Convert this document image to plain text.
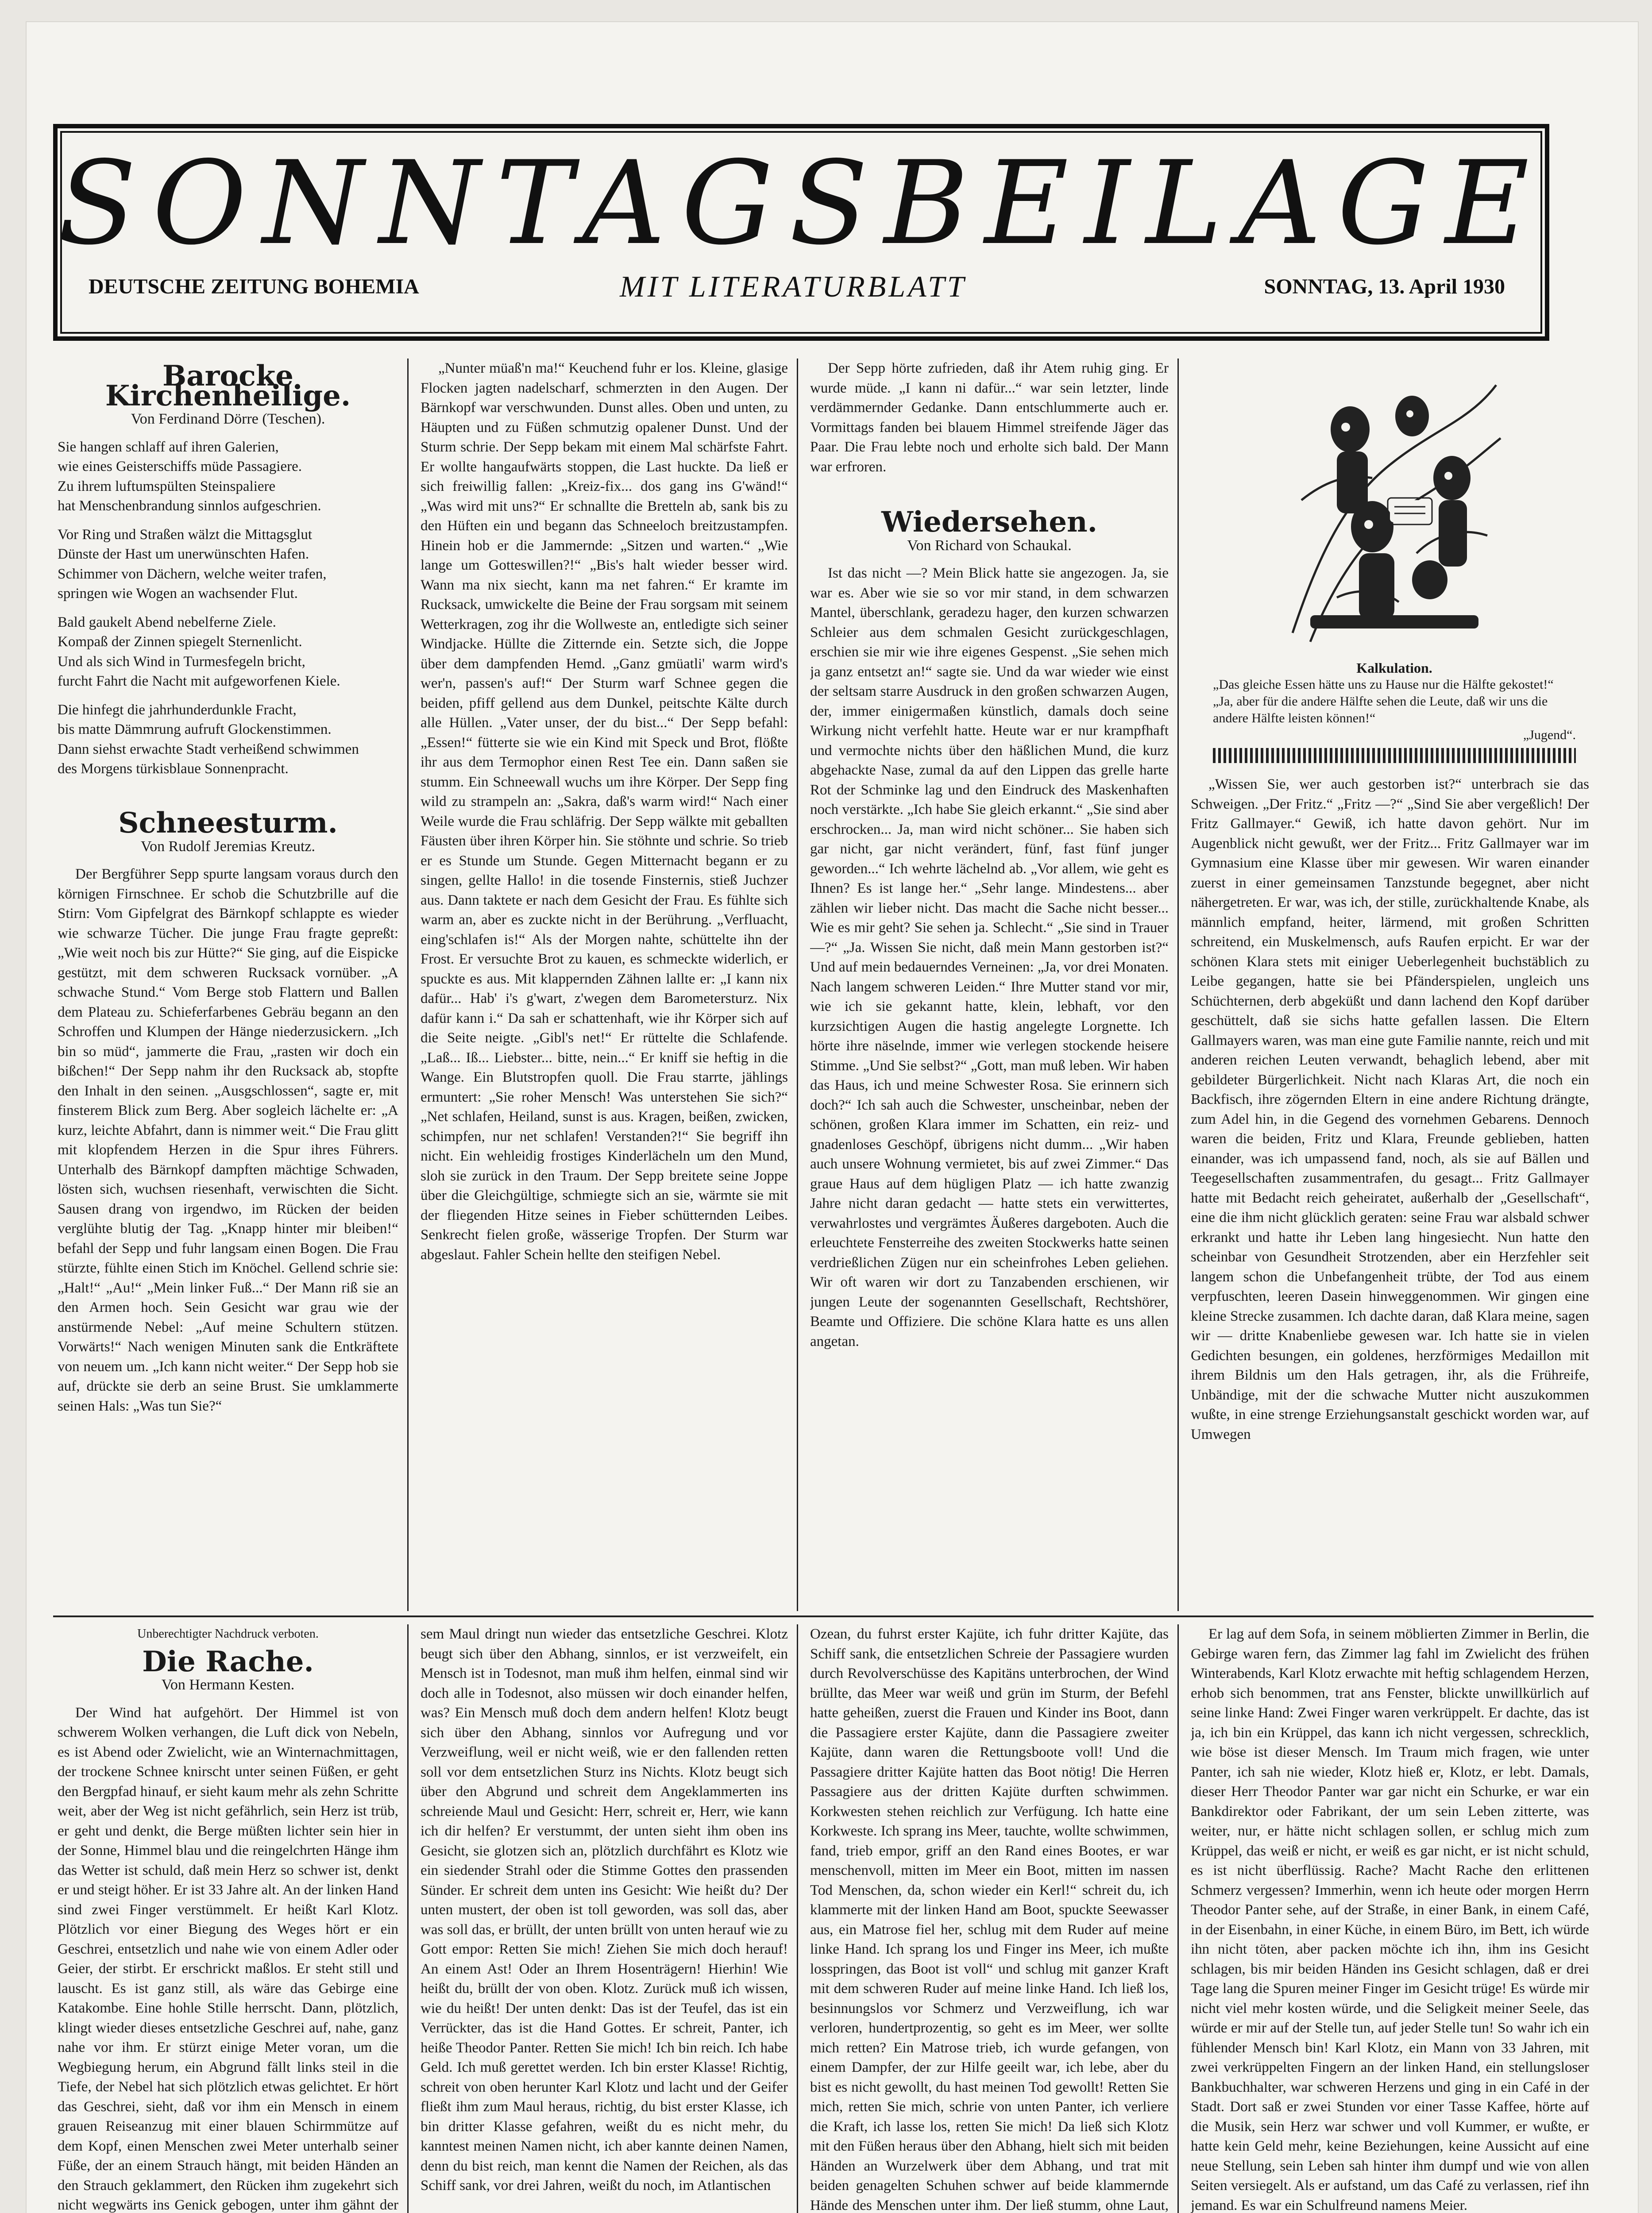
SONNTAGSBEILAGE
DEUTSCHE ZEITUNG BOHEMIA	MIT LITERATURBLATT	SONNTAG, 13. April 1930
Barocke Kirchenheilige.

Von Ferdinand Dörre (Teschen).

Sie hangen schlaff auf ihren Galerien,

wie eines Geisterschiffs müde Passagiere.

Zu ihrem luftumspülten Steinspaliere

hat Menschenbrandung sinnlos aufgeschrien.

Vor Ring und Straßen wälzt die Mittagsglut

Dünste der Hast um unerwünschten Hafen.

Schimmer von Dächern, welche weiter trafen,

springen wie Wogen an wachsender Flut.

Bald gaukelt Abend nebelferne Ziele.

Kompaß der Zinnen spiegelt Sternenlicht.

Und als sich Wind in Turmesfegeln bricht,

furcht Fahrt die Nacht mit aufgeworfenen Kiele.

Die hinfegt die jahrhunderdunkle Fracht,

bis matte Dämmrung aufruft Glockenstimmen.

Dann siehst erwachte Stadt verheißend schwimmen

des Morgens türkisblaue Sonnenpracht.

Schneesturm.

Von Rudolf Jeremias Kreutz.

Der Bergführer Sepp spurte langsam voraus durch den körnigen Firnschnee. Er schob die Schutzbrille auf die Stirn: Vom Gipfelgrat des Bärnkopf schlappte es wieder wie schwarze Tücher. Die junge Frau fragte gepreßt: „Wie weit noch bis zur Hütte?“ Sie ging, auf die Eispicke gestützt, mit dem schweren Rucksack vornüber. „A schwache Stund.“ Vom Berge stob Flattern und Ballen dem Plateau zu. Schieferfarbenes Gebräu begann an den Schroffen und Klumpen der Hänge niederzusickern. „Ich bin so müd“, jammerte die Frau, „rasten wir doch ein bißchen!“ Der Sepp nahm ihr den Rucksack ab, stopfte den Inhalt in den seinen. „Ausgschlossen“, sagte er, mit finsterem Blick zum Berg. Aber sogleich lächelte er: „A kurz, leichte Abfahrt, dann is nimmer weit.“ Die Frau glitt mit klopfendem Herzen in die Spur ihres Führers. Unterhalb des Bärnkopf dampften mächtige Schwaden, lösten sich, wuchsen riesenhaft, verwischten die Sicht. Sausen drang von irgendwo, im Rücken der beiden verglühte blutig der Tag. „Knapp hinter mir bleiben!“ befahl der Sepp und fuhr langsam einen Bogen. Die Frau stürzte, fühlte einen Stich im Knöchel. Gellend schrie sie: „Halt!“ „Au!“ „Mein linker Fuß...“ Der Mann riß sie an den Armen hoch. Sein Gesicht war grau wie der anstürmende Nebel: „Auf meine Schultern stützen. Vorwärts!“ Nach wenigen Minuten sank die Entkräftete von neuem um. „Ich kann nicht weiter.“ Der Sepp hob sie auf, drückte sie derb an seine Brust. Sie umklammerte seinen Hals: „Was tun Sie?“

„Nunter müaß'n ma!“ Keuchend fuhr er los. Kleine, glasige Flocken jagten nadelscharf, schmerzten in den Augen. Der Bärnkopf war verschwunden. Dunst alles. Oben und unten, zu Häupten und zu Füßen schmutzig opalener Dunst. Und der Sturm schrie. Der Sepp bekam mit einem Mal schärfste Fahrt. Er wollte hangaufwärts stoppen, die Last huckte. Da ließ er sich freiwillig fallen: „Kreiz-fix... dos gang ins G'wänd!“ „Was wird mit uns?“ Er schnallte die Bretteln ab, sank bis zu den Hüften ein und begann das Schneeloch breitzustampfen. Hinein hob er die Jammernde: „Sitzen und warten.“ „Wie lange um Gotteswillen?!“ „Bis's halt wieder besser wird. Wann ma nix siecht, kann ma net fahren.“ Er kramte im Rucksack, umwickelte die Beine der Frau sorgsam mit seinem Wetterkragen, zog ihr die Wollweste an, entledigte sich seiner Windjacke. Hüllte die Zitternde ein. Setzte sich, die Joppe über dem dampfenden Hemd. „Ganz gmüatli' warm wird's wer'n, passen's auf!“ Der Sturm warf Schnee gegen die beiden, pfiff gellend aus dem Dunkel, peitschte Kälte durch alle Hüllen. „Vater unser, der du bist...“ Der Sepp befahl: „Essen!“ fütterte sie wie ein Kind mit Speck und Brot, flößte ihr aus dem Termophor einen Rest Tee ein. Dann saßen sie stumm. Ein Schneewall wuchs um ihre Körper. Der Sepp fing wild zu strampeln an: „Sakra, daß's warm wird!“ Nach einer Weile wurde die Frau schläfrig. Der Sepp wälkte mit geballten Fäusten über ihren Körper hin. Sie stöhnte und schrie. So trieb er es Stunde um Stunde. Gegen Mitternacht begann er zu singen, gellte Hallo! in die tosende Finsternis, stieß Juchzer aus. Dann taktete er nach dem Gesicht der Frau. Es fühlte sich warm an, aber es zuckte nicht in der Berührung. „Verfluacht, eing'schlafen is!“ Als der Morgen nahte, schüttelte ihn der Frost. Er versuchte Brot zu kauen, es schmeckte widerlich, er spuckte es aus. Mit klappernden Zähnen lallte er: „I kann nix dafür... Hab' i's g'wart, z'wegen dem Barometersturz. Nix dafür kann i.“ Da sah er schattenhaft, wie ihr Körper sich auf die Seite neigte. „Gibl's net!“ Er rüttelte die Schlafende. „Laß... Iß... Liebster... bitte, nein...“ Er kniff sie heftig in die Wange. Ein Blutstropfen quoll. Die Frau starrte, jählings ermuntert: „Sie roher Mensch! Was unterstehen Sie sich?“ „Net schlafen, Heiland, sunst is aus. Kragen, beißen, zwicken, schimpfen, nur net schlafen! Verstanden?!“ Sie begriff ihn nicht. Ein wehleidig frostiges Kinderlächeln um den Mund, sloh sie zurück in den Traum. Der Sepp breitete seine Joppe über die Gleichgültige, schmiegte sich an sie, wärmte sie mit der fliegenden Hitze seines in Fieber schütternden Leibes. Senkrecht fielen große, wässerige Tropfen. Der Sturm war abgeslaut. Fahler Schein hellte den steifigen Nebel.

Der Sepp hörte zufrieden, daß ihr Atem ruhig ging. Er wurde müde. „I kann ni dafür...“ war sein letzter, linde verdämmernder Gedanke. Dann entschlummerte auch er. Vormittags fanden bei blauem Himmel streifende Jäger das Paar. Die Frau lebte noch und erholte sich bald. Der Mann war erfroren.

Wiedersehen.

Von Richard von Schaukal.

Ist das nicht —? Mein Blick hatte sie angezogen. Ja, sie war es. Aber wie sie so vor mir stand, in dem schwarzen Mantel, überschlank, geradezu hager, den kurzen schwarzen Schleier aus dem schmalen Gesicht zurückgeschlagen, erschien sie mir wie ihre eigenes Gespenst. „Sie sehen mich ja ganz entsetzt an!“ sagte sie. Und da war wieder wie einst der seltsam starre Ausdruck in den großen schwarzen Augen, der, immer einigermaßen künstlich, damals doch seine Wirkung nicht verfehlt hatte. Heute war er nur krampfhaft und vermochte nichts über den häßlichen Mund, die kurz abgehackte Nase, zumal da auf den Lippen das grelle harte Rot der Schminke lag und den Eindruck des Maskenhaften noch verstärkte. „Ich habe Sie gleich erkannt.“ „Sie sind aber erschrocken... Ja, man wird nicht schöner... Sie haben sich gar nicht, gar nicht verändert, fünf, fast fünf junger geworden...“ Ich wehrte lächelnd ab. „Vor allem, wie geht es Ihnen? Es ist lange her.“ „Sehr lange. Mindestens... aber zählen wir lieber nicht. Das macht die Sache nicht besser... Wie es mir geht? Sie sehen ja. Schlecht.“ „Sie sind in Trauer —?“ „Ja. Wissen Sie nicht, daß mein Mann gestorben ist?“ Und auf mein bedauerndes Verneinen: „Ja, vor drei Monaten. Nach langem schweren Leiden.“ Ihre Mutter stand vor mir, wie ich sie gekannt hatte, klein, lebhaft, vor den kurzsichtigen Augen die hastig angelegte Lorgnette. Ich hörte ihre näselnde, immer wie verlegen stockende heisere Stimme. „Und Sie selbst?“ „Gott, man muß leben. Wir haben das Haus, ich und meine Schwester Rosa. Sie erinnern sich doch?“ Ich sah auch die Schwester, unscheinbar, neben der schönen, großen Klara immer im Schatten, ein reiz- und gnadenloses Geschöpf, übrigens nicht dumm... „Wir haben auch unsere Wohnung vermietet, bis auf zwei Zimmer.“ Das graue Haus auf dem hügligen Platz — ich hatte zwanzig Jahre nicht daran gedacht — hatte stets ein verwittertes, verwahrlostes und vergrämtes Äußeres dargeboten. Auch die erleuchtete Fensterreihe des zweiten Stockwerks hatte seinen verdrießlichen Zügen nur ein scheinfrohes Leben geliehen. Wir oft waren wir dort zu Tanzabenden erschienen, wir jungen Leute der sogenannten Gesellschaft, Rechtshörer, Beamte und Offiziere. Die schöne Klara hatte es uns allen angetan.

Kalkulation.
„Das gleiche Essen hätte uns zu Hause nur die Hälfte gekostet!“ „Ja, aber für die andere Hälfte sehen die Leute, daß wir uns die andere Hälfte leisten können!“
„Jugend“.

„Wissen Sie, wer auch gestorben ist?“ unterbrach sie das Schweigen. „Der Fritz.“ „Fritz —?“ „Sind Sie aber vergeßlich! Der Fritz Gallmayer.“ Gewiß, ich hatte davon gehört. Nur im Augenblick nicht gewußt, wer der Fritz... Fritz Gallmayer war im Gymnasium eine Klasse über mir gewesen. Wir waren einander zuerst in einer gemeinsamen Tanzstunde begegnet, aber nicht nähergetreten. Er war, was ich, der stille, zurückhaltende Knabe, als männlich empfand, heiter, lärmend, mit großen Schritten schreitend, ein Muskelmensch, aufs Raufen erpicht. Er war der schönen Klara stets mit einiger Ueberlegenheit buchstäblich zu Leibe gegangen, hatte sie bei Pfänderspielen, ungleich uns Schüchternen, derb abgeküßt und dann lachend den Kopf darüber geschüttelt, daß sie sichs hatte gefallen lassen. Die Eltern Gallmayers waren, was man eine gute Familie nannte, reich und mit anderen reichen Leuten verwandt, behaglich lebend, aber mit gebildeter Bürgerlichkeit. Nicht nach Klaras Art, die noch ein Backfisch, ihre zögernden Eltern in eine andere Richtung drängte, zum Adel hin, in die Gegend des vornehmen Gebarens. Dennoch waren die beiden, Fritz und Klara, Freunde geblieben, hatten einander, was ich umpassend fand, noch, als sie auf Bällen und Teegesellschaften zusammentrafen, du gesagt... Fritz Gallmayer hatte mit Bedacht reich geheiratet, außerhalb der „Gesellschaft“, eine die ihm nicht glücklich geraten: seine Frau war alsbald schwer erkrankt und hatte ihr Leben lang hingesiecht. Nun hatte den scheinbar von Gesundheit Strotzenden, aber ein Herzfehler seit langem schon die Unbefangenheit trübte, der Tod aus einem verpfuschten, leeren Dasein hinweggenommen. Wir gingen eine kleine Strecke zusammen. Ich dachte daran, daß Klara meine, sagen wir — dritte Knabenliebe gewesen war. Ich hatte sie in vielen Gedichten besungen, ein goldenes, herzförmiges Medaillon mit ihrem Bildnis um den Hals getragen, ihr, als die Frühreife, Unbändige, mit der die schwache Mutter nicht auszukommen wußte, in eine strenge Erziehungsanstalt geschickt worden war, auf Umwegen

Unberechtigter Nachdruck verboten.

Die Rache.

Von Hermann Kesten.

Der Wind hat aufgehört. Der Himmel ist von schwerem Wolken verhangen, die Luft dick von Nebeln, es ist Abend oder Zwielicht, wie an Winternachmittagen, der trockene Schnee knirscht unter seinen Füßen, er geht den Bergpfad hinauf, er sieht kaum mehr als zehn Schritte weit, aber der Weg ist nicht gefährlich, sein Herz ist trüb, er geht und denkt, die Berge müßten lichter sein hier in der Sonne, Himmel blau und die reingelchrten Hänge ihm das Wetter ist schuld, daß mein Herz so schwer ist, denkt er und steigt höher. Er ist 33 Jahre alt. An der linken Hand sind zwei Finger verstümmelt. Er heißt Karl Klotz. Plötzlich vor einer Biegung des Weges hört er ein Geschrei, entsetzlich und nahe wie von einem Adler oder Geier, der stirbt. Er erschrickt maßlos. Er steht still und lauscht. Es ist ganz still, als wäre das Gebirge eine Katakombe. Eine hohle Stille herrscht. Dann, plötzlich, klingt wieder dieses entsetzliche Geschrei auf, nahe, ganz nahe vor ihm. Er stürzt einige Meter voran, um die Wegbiegung herum, ein Abgrund fällt links steil in die Tiefe, der Nebel hat sich plötzlich etwas gelichtet. Er hört das Geschrei, sieht, daß vor ihm ein Mensch in einem grauen Reiseanzug mit einer blauen Schirmmütze auf dem Kopf, einen Menschen zwei Meter unterhalb seiner Füße, der an einem Strauch hängt, mit beiden Händen an den Strauch geklammert, den Rücken ihm zugekehrt sich nicht wegwärts ins Genick gebogen, unter ihm gähnt der

sem Maul dringt nun wieder das entsetzliche Geschrei. Klotz beugt sich über den Abhang, sinnlos, er ist verzweifelt, ein Mensch ist in Todesnot, man muß ihm helfen, einmal sind wir doch alle in Todesnot, also müssen wir doch einander helfen, was? Ein Mensch muß doch dem andern helfen! Klotz beugt sich über den Abhang, sinnlos vor Aufregung und vor Verzweiflung, weil er nicht weiß, wie er den fallenden retten soll vor dem entsetzlichen Sturz ins Nichts. Klotz beugt sich über den Abgrund und schreit dem Angeklammerten ins schreiende Maul und Gesicht: Herr, schreit er, Herr, wie kann ich dir helfen? Er verstummt, der unten sieht ihm oben ins Gesicht, sie glotzen sich an, plötzlich durchfährt es Klotz wie ein siedender Strahl oder die Stimme Gottes den prassenden Sünder. Er schreit dem unten ins Gesicht: Wie heißt du? Der unten mustert, der oben ist toll geworden, was soll das, aber was soll das, er brüllt, der unten brüllt von unten herauf wie zu Gott empor: Retten Sie mich! Ziehen Sie mich doch herauf! An einem Ast! Oder an Ihrem Hosenträgern! Hierhin! Wie heißt du, brüllt der von oben. Klotz. Zurück muß ich wissen, wie du heißt! Der unten denkt: Das ist der Teufel, das ist ein Verrückter, das ist die Hand Gottes. Er schreit, Panter, ich heiße Theodor Panter. Retten Sie mich! Ich bin reich. Ich habe Geld. Ich muß gerettet werden. Ich bin erster Klasse! Richtig, schreit von oben herunter Karl Klotz und lacht und der Geifer fließt ihm zum Maul heraus, richtig, du bist erster Klasse, ich bin dritter Klasse gefahren, weißt du es nicht mehr, du kanntest meinen Namen nicht, ich aber kannte deinen Namen, denn du bist reich, man kennt die Namen der Reichen, als das Schiff sank, vor drei Jahren, weißt du noch, im Atlantischen

Ozean, du fuhrst erster Kajüte, ich fuhr dritter Kajüte, das Schiff sank, die entsetzlichen Schreie der Passagiere wurden durch Revolverschüsse des Kapitäns unterbrochen, der Wind brüllte, das Meer war weiß und grün im Sturm, der Befehl hatte geheißen, zuerst die Frauen und Kinder ins Boot, dann die Passagiere erster Kajüte, dann die Passagiere zweiter Kajüte, dann waren die Rettungsboote voll! Und die Passagiere dritter Kajüte hatten das Boot nötig! Die Herren Passagiere aus der dritten Kajüte durften schwimmen. Korkwesten stehen reichlich zur Verfügung. Ich hatte eine Korkweste. Ich sprang ins Meer, tauchte, wollte schwimmen, fand, trieb empor, griff an den Rand eines Bootes, er war menschenvoll, mitten im Meer ein Boot, mitten im nassen Tod Menschen, da, schon wieder ein Kerl!“ schreit du, ich klammerte mit der linken Hand am Boot, spuckte Seewasser aus, ein Matrose fiel her, schlug mit dem Ruder auf meine linke Hand. Ich sprang los und Finger ins Meer, ich mußte losspringen, das Boot ist voll“ und schlug mit ganzer Kraft mit dem schweren Ruder auf meine linke Hand. Ich ließ los, besinnungslos vor Schmerz und Verzweiflung, ich war verloren, hundertprozentig, so geht es im Meer, wer sollte mich retten? Ein Matrose trieb, ich wurde gefangen, von einem Dampfer, der zur Hilfe geeilt war, ich lebe, aber du bist es nicht gewollt, du hast meinen Tod gewollt! Retten Sie mich, retten Sie mich, schrie von unten Panter, ich verliere die Kraft, ich lasse los, retten Sie mich! Da ließ sich Klotz mit den Füßen heraus über den Abhang, hielt sich mit beiden Händen an Wurzelwerk über dem Abhang, und trat mit beiden genagelten Schuhen schwer auf beide klammernde Hände des Menschen unter ihm. Der ließ stumm, ohne Laut,

Er lag auf dem Sofa, in seinem möblierten Zimmer in Berlin, die Gebirge waren fern, das Zimmer lag fahl im Zwielicht des frühen Winterabends, Karl Klotz erwachte mit heftig schlagendem Herzen, erhob sich benommen, trat ans Fenster, blickte unwillkürlich auf seine linke Hand: Zwei Finger waren verkrüppelt. Er dachte, das ist ja, ich bin ein Krüppel, das kann ich nicht vergessen, schrecklich, wie böse ist dieser Mensch. Im Traum mich fragen, wie unter Panter, ich sah nie wieder, Klotz hieß er, Klotz, er lebt. Damals, dieser Herr Theodor Panter war gar nicht ein Schurke, er war ein Bankdirektor oder Fabrikant, der um sein Leben zitterte, was weiter, nur, er hätte nicht schlagen sollen, er schlug mich zum Krüppel, das weiß er nicht, er weiß es gar nicht, er ist nicht schuld, es ist nicht überflüssig. Rache? Macht Rache den erlittenen Schmerz vergessen? Immerhin, wenn ich heute oder morgen Herrn Theodor Panter sehe, auf der Straße, in einer Bank, in einem Café, in der Eisenbahn, in einer Küche, in einem Büro, im Bett, ich würde ihn nicht töten, aber packen möchte ich ihn, ihm ins Gesicht schlagen, bis mir beiden Händen ins Gesicht schlagen, daß er drei Tage lang die Spuren meiner Finger im Gesicht trüge! Es würde mir nicht viel mehr kosten würde, und die Seligkeit meiner Seele, das würde er mir auf der Stelle tun, auf jeder Stelle tun! So wahr ich ein fühlender Mensch bin! Karl Klotz, ein Mann von 33 Jahren, mit zwei verkrüppelten Fingern an der linken Hand, ein stellungsloser Bankbuchhalter, war schweren Herzens und ging in ein Café in der Stadt. Dort saß er zwei Stunden vor einer Tasse Kaffee, hörte auf die Musik, sein Herz war schwer und voll Kummer, er wußte, er hatte kein Geld mehr, keine Beziehungen, keine Aussicht auf eine neue Stellung, sein Leben sah hinter ihm dumpf und wie von allen Seiten versiegelt. Als er aufstand, um das Café zu verlassen, rief ihn jemand. Es war ein Schulfreund namens Meier.
